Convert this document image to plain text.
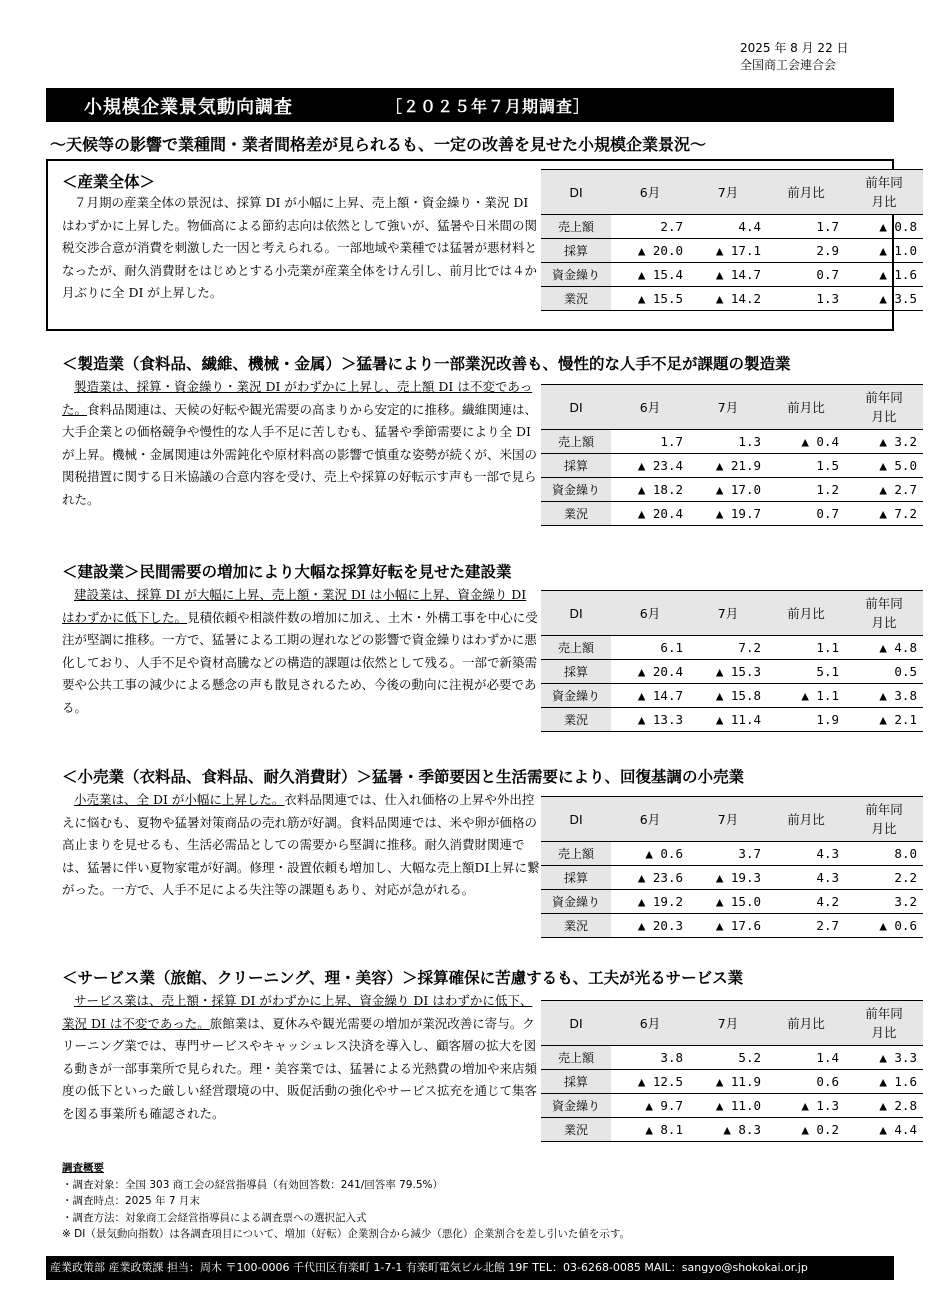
2025 年 8 月 22 日
全国商工会連合会
小規模企業景気動向調査	［２０２５年７月期調査］
～天候等の影響で業種間・業者間格差が見られるも、一定の改善を見せた小規模企業景況～
＜産業全体＞
７月期の産業全体の景況は、採算 DI が小幅に上昇、売上額・資金繰り・業況 DI はわずかに上昇した。物価高による節約志向は依然として強いが、猛暑や日米間の関税交渉合意が消費を刺激した一因と考えられる。一部地域や業種では猛暑が悪材料となったが、耐久消費財をはじめとする小売業が産業全体をけん引し、前月比では４か月ぶりに全 DI が上昇した。
DI	6月	7月	前月比	前年同
月比
売上額	2.7	4.4	1.7	▲ 0.8
採算	▲ 20.0	▲ 17.1	2.9	▲ 1.0
資金繰り	▲ 15.4	▲ 14.7	0.7	▲ 1.6
業況	▲ 15.5	▲ 14.2	1.3	▲ 3.5
＜製造業（食料品、繊維、機械・金属）＞猛暑により一部業況改善も、慢性的な人手不足が課題の製造業
製造業は、採算・資金繰り・業況 DI がわずかに上昇し、売上額 DI は不変であった。食料品関連は、天候の好転や観光需要の高まりから安定的に推移。繊維関連は、大手企業との価格競争や慢性的な人手不足に苦しむも、猛暑や季節需要により全 DI が上昇。機械・金属関連は外需鈍化や原材料高の影響で慎重な姿勢が続くが、米国の関税措置に関する日米協議の合意内容を受け、売上や採算の好転示す声も一部で見られた。
DI	6月	7月	前月比	前年同
月比
売上額	1.7	1.3	▲ 0.4	▲ 3.2
採算	▲ 23.4	▲ 21.9	1.5	▲ 5.0
資金繰り	▲ 18.2	▲ 17.0	1.2	▲ 2.7
業況	▲ 20.4	▲ 19.7	0.7	▲ 7.2
＜建設業＞民間需要の増加により大幅な採算好転を見せた建設業
建設業は、採算 DI が大幅に上昇、売上額・業況 DI は小幅に上昇、資金繰り DI はわずかに低下した。見積依頼や相談件数の増加に加え、土木・外構工事を中心に受注が堅調に推移。一方で、猛暑による工期の遅れなどの影響で資金繰りはわずかに悪化しており、人手不足や資材高騰などの構造的課題は依然として残る。一部で新築需要や公共工事の減少による懸念の声も散見されるため、今後の動向に注視が必要である。
DI	6月	7月	前月比	前年同
月比
売上額	6.1	7.2	1.1	▲ 4.8
採算	▲ 20.4	▲ 15.3	5.1	0.5
資金繰り	▲ 14.7	▲ 15.8	▲ 1.1	▲ 3.8
業況	▲ 13.3	▲ 11.4	1.9	▲ 2.1
＜小売業（衣料品、食料品、耐久消費財）＞猛暑・季節要因と生活需要により、回復基調の小売業
小売業は、全 DI が小幅に上昇した。衣料品関連では、仕入れ価格の上昇や外出控えに悩むも、夏物や猛暑対策商品の売れ筋が好調。食料品関連では、米や卵が価格の高止まりを見せるも、生活必需品としての需要から堅調に推移。耐久消費財関連では、猛暑に伴い夏物家電が好調。修理・設置依頼も増加し、大幅な売上額DI上昇に繋がった。一方で、人手不足による失注等の課題もあり、対応が急がれる。
DI	6月	7月	前月比	前年同
月比
売上額	▲ 0.6	3.7	4.3	8.0
採算	▲ 23.6	▲ 19.3	4.3	2.2
資金繰り	▲ 19.2	▲ 15.0	4.2	3.2
業況	▲ 20.3	▲ 17.6	2.7	▲ 0.6
＜サービス業（旅館、クリーニング、理・美容）＞採算確保に苦慮するも、工夫が光るサービス業
サービス業は、売上額・採算 DI がわずかに上昇、資金繰り DI はわずかに低下、業況 DI は不変であった。旅館業は、夏休みや観光需要の増加が業況改善に寄与。クリーニング業では、専門サービスやキャッシュレス決済を導入し、顧客層の拡大を図る動きが一部事業所で見られた。理・美容業では、猛暑による光熱費の増加や来店頻度の低下といった厳しい経営環境の中、販促活動の強化やサービス拡充を通じて集客を図る事業所も確認された。
DI	6月	7月	前月比	前年同
月比
売上額	3.8	5.2	1.4	▲ 3.3
採算	▲ 12.5	▲ 11.9	0.6	▲ 1.6
資金繰り	▲ 9.7	▲ 11.0	▲ 1.3	▲ 2.8
業況	▲ 8.1	▲ 8.3	▲ 0.2	▲ 4.4
調査概要
・調査対象：全国 303 商工会の経営指導員（有効回答数：241/回答率 79.5%）
・調査時点：2025 年 7 月末
・調査方法：対象商工会経営指導員による調査票への選択記入式
※ DI（景気動向指数）は各調査項目について、増加（好転）企業割合から減少（悪化）企業割合を差し引いた値を示す。
産業政策部 産業政策課 担当：周木 〒100-0006 千代田区有楽町 1-7-1 有楽町電気ビル北館 19F TEL：03-6268-0085 MAIL：sangyo@shokokai.or.jp
